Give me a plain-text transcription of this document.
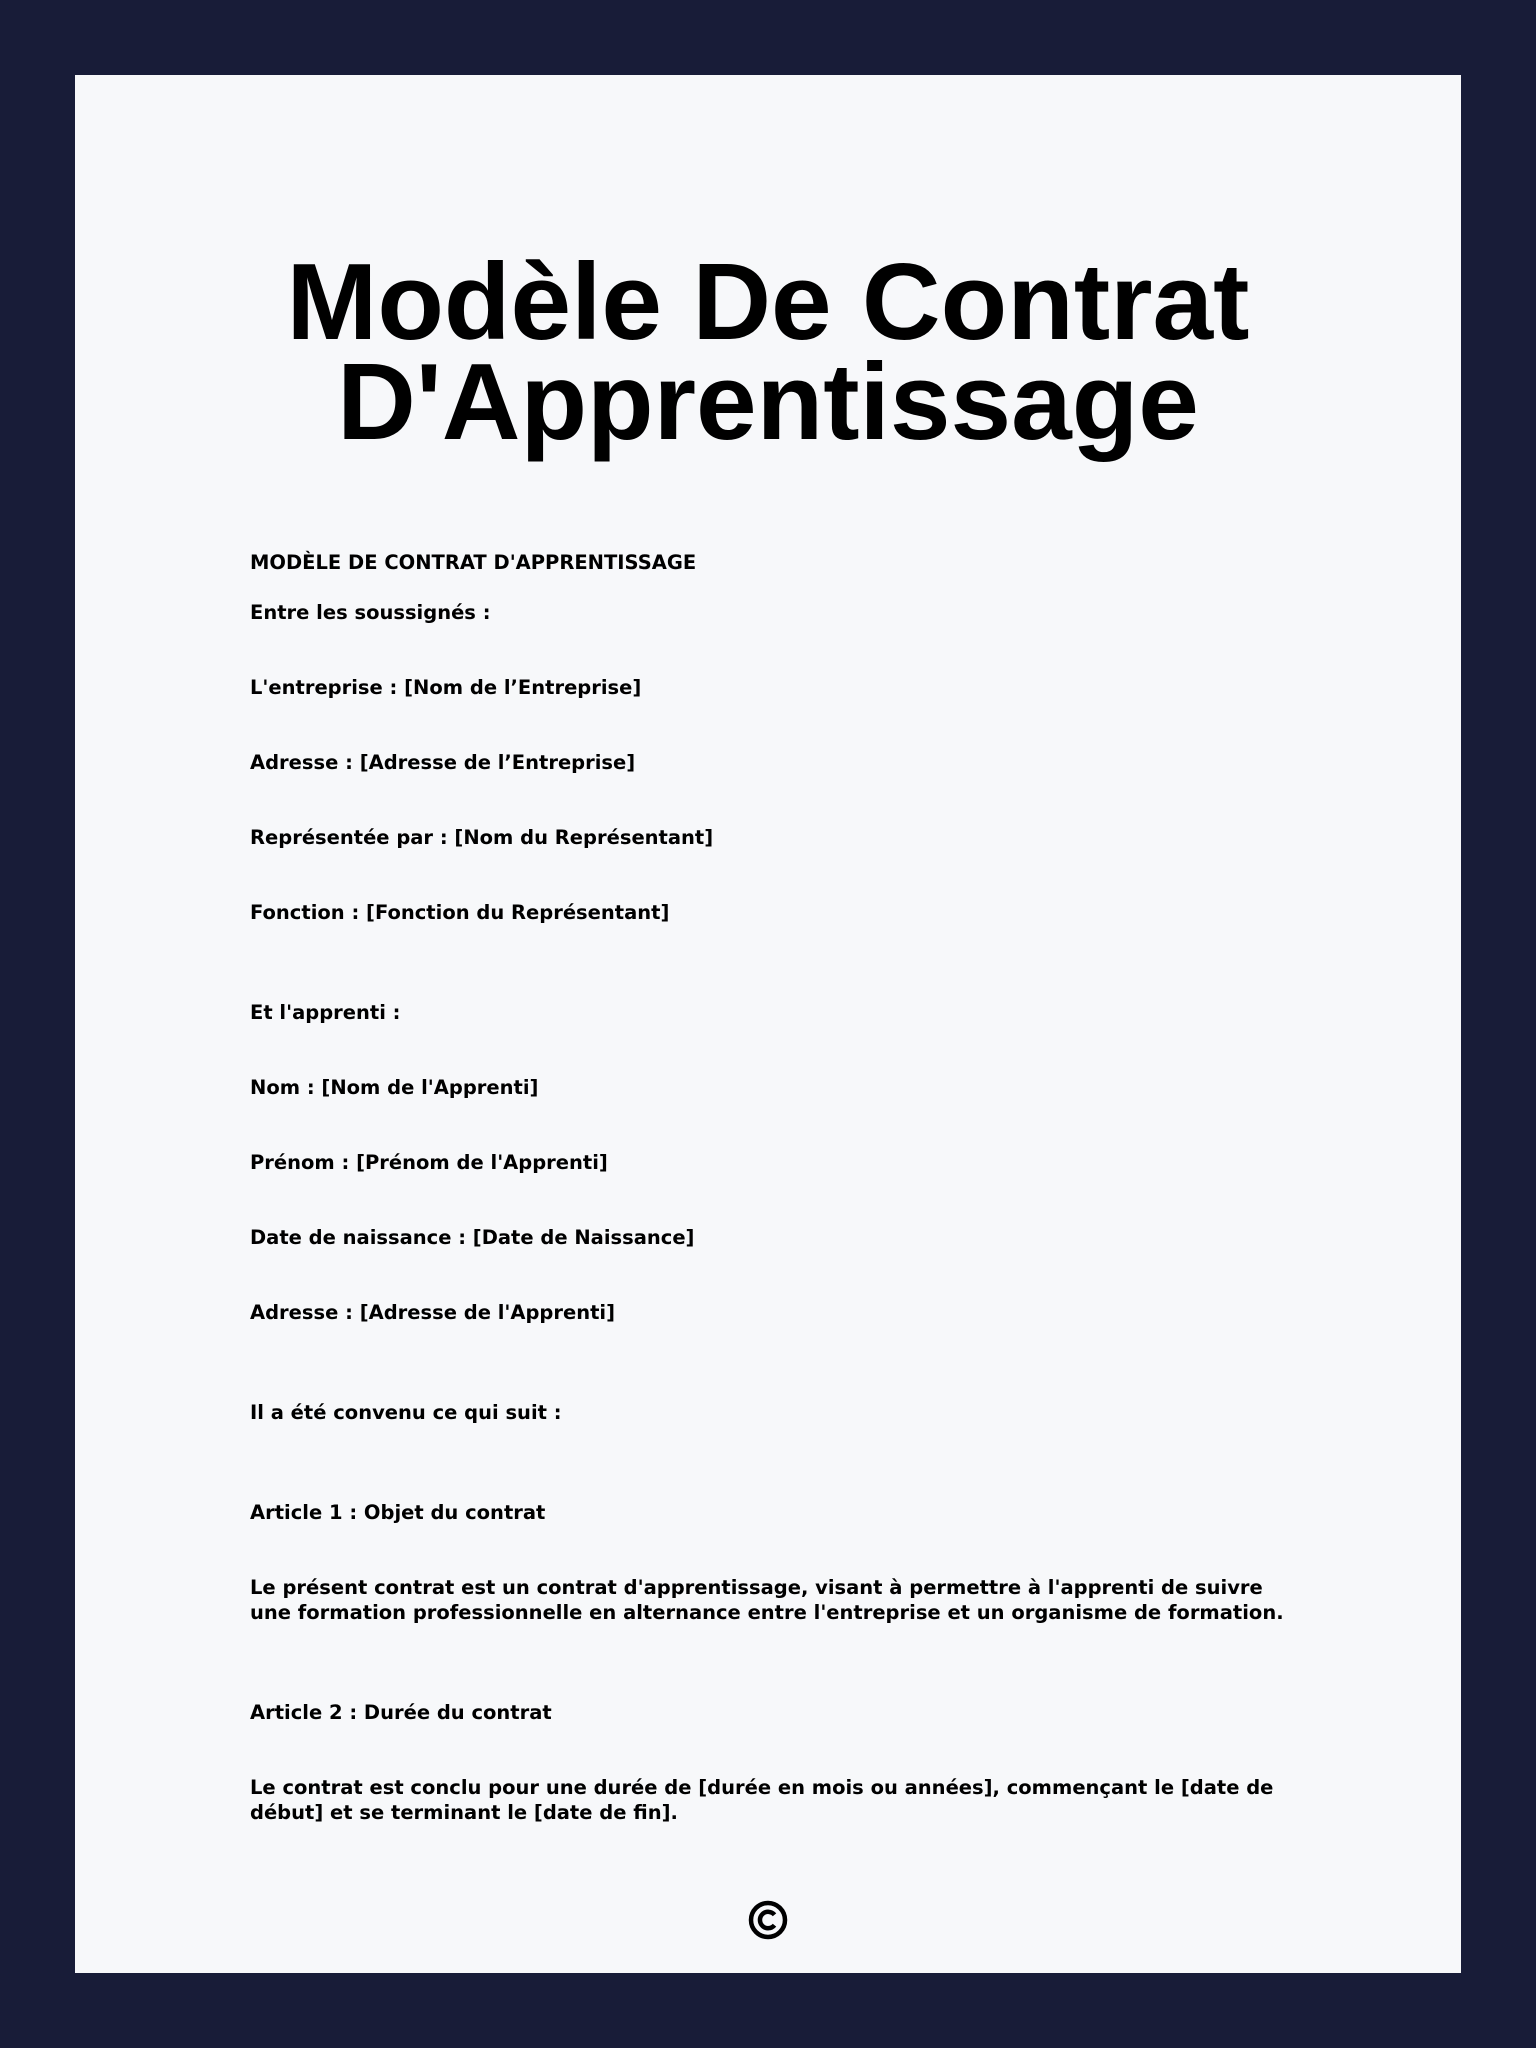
Modèle De Contrat
D'Apprentissage

MODÈLE DE CONTRAT D'APPRENTISSAGE

Entre les soussignés :

L'entreprise : [Nom de l’Entreprise]

Adresse : [Adresse de l’Entreprise]

Représentée par : [Nom du Représentant]

Fonction : [Fonction du Représentant]

Et l'apprenti :

Nom : [Nom de l'Apprenti]

Prénom : [Prénom de l'Apprenti]

Date de naissance : [Date de Naissance]

Adresse : [Adresse de l'Apprenti]

Il a été convenu ce qui suit :

Article 1 : Objet du contrat

Le présent contrat est un contrat d'apprentissage, visant à permettre à l'apprenti de suivre une formation professionnelle en alternance entre l'entreprise et un organisme de formation.

Article 2 : Durée du contrat

Le contrat est conclu pour une durée de [durée en mois ou années], commençant le [date de début] et se terminant le [date de fin].
